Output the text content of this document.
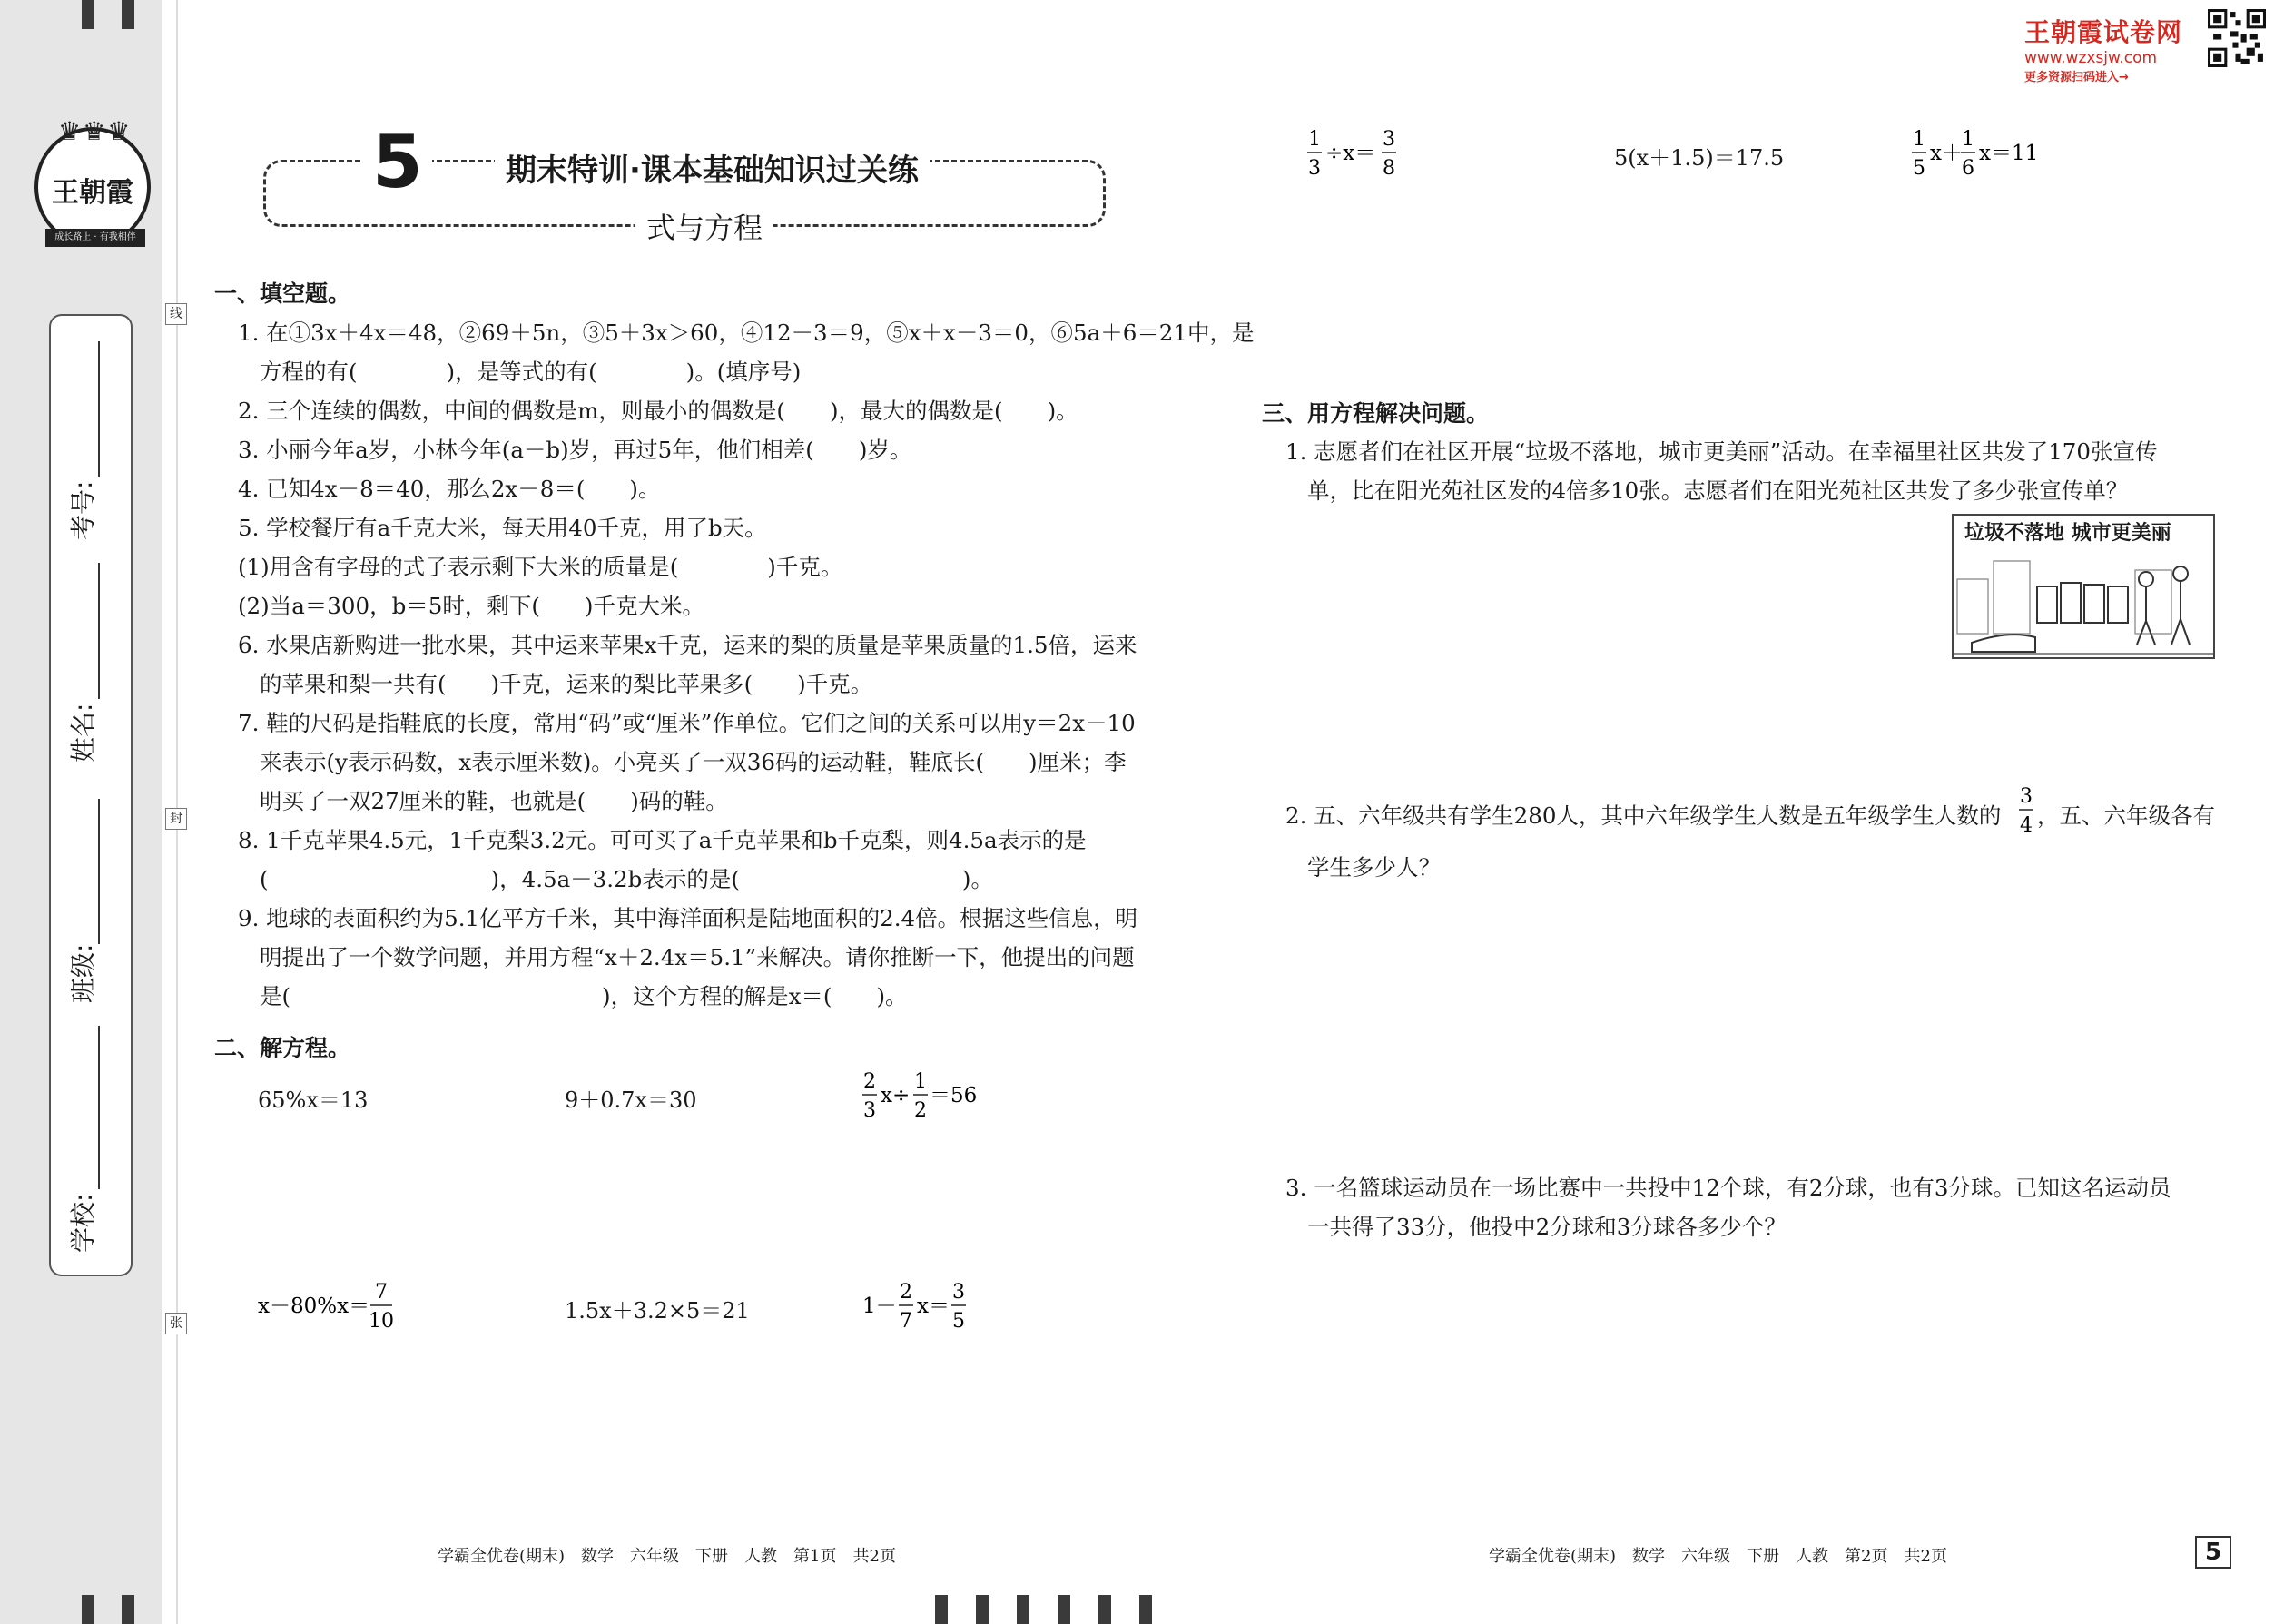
♛♛♛
王朝霞
成长路上 · 有我相伴
考号:
姓名:
班级:
学校:
线
封
张
5	期末特训·课本基础知识过关练
式与方程
王朝霞试卷网
www.wzxsjw.com
更多资源扫码进入→
一、填空题。
1. 在①3x＋4x＝48，②69＋5n，③5＋3x＞60，④12－3＝9，⑤x＋x－3＝0，⑥5a＋6＝21中，是
方程的有(　　　　)，是等式的有(　　　　)。(填序号)
2. 三个连续的偶数，中间的偶数是m，则最小的偶数是(　　)，最大的偶数是(　　)。
3. 小丽今年a岁，小林今年(a－b)岁，再过5年，他们相差(　　)岁。
4. 已知4x－8＝40，那么2x－8＝(　　)。
5. 学校餐厅有a千克大米，每天用40千克，用了b天。
(1)用含有字母的式子表示剩下大米的质量是(　　　　)千克。
(2)当a＝300，b＝5时，剩下(　　)千克大米。
6. 水果店新购进一批水果，其中运来苹果x千克，运来的梨的质量是苹果质量的1.5倍，运来
的苹果和梨一共有(　　)千克，运来的梨比苹果多(　　)千克。
7. 鞋的尺码是指鞋底的长度，常用“码”或“厘米”作单位。它们之间的关系可以用y＝2x－10
来表示(y表示码数，x表示厘米数)。小亮买了一双36码的运动鞋，鞋底长(　　)厘米；李
明买了一双27厘米的鞋，也就是(　　)码的鞋。
8. 1千克苹果4.5元，1千克梨3.2元。可可买了a千克苹果和b千克梨，则4.5a表示的是
(　　　　　　　　　　)，4.5a－3.2b表示的是(　　　　　　　　　　)。
9. 地球的表面积约为5.1亿平方千米，其中海洋面积是陆地面积的2.4倍。根据这些信息，明
明提出了一个数学问题，并用方程“x＋2.4x＝5.1”来解决。请你推断一下，他提出的问题
是(　　　　　　　　　　　　　　)，这个方程的解是x＝(　　)。
二、解方程。
65%x＝13	9＋0.7x＝30
2
3
x÷
1
2
＝56
x－80%x＝
7
10	1.5x＋3.2×5＝21	1－
2
7
x＝
3
5
1
3
÷x＝
3
8	5(x＋1.5)＝17.5
1
5
x＋
1
6
x＝11
三、用方程解决问题。
1. 志愿者们在社区开展“垃圾不落地，城市更美丽”活动。在幸福里社区共发了170张宣传
单，比在阳光苑社区发的4倍多10张。志愿者们在阳光苑社区共发了多少张宣传单？
垃圾不落地 城市更美丽
2. 五、六年级共有学生280人，其中六年级学生人数是五年级学生人数的
3
4 ，五、六年级各有
学生多少人？
3. 一名篮球运动员在一场比赛中一共投中12个球，有2分球，也有3分球。已知这名运动员
一共得了33分，他投中2分球和3分球各多少个？
学霸全优卷(期末)　数学　六年级　下册　人教　第1页　共2页	学霸全优卷(期末)　数学　六年级　下册　人教　第2页　共2页	5
